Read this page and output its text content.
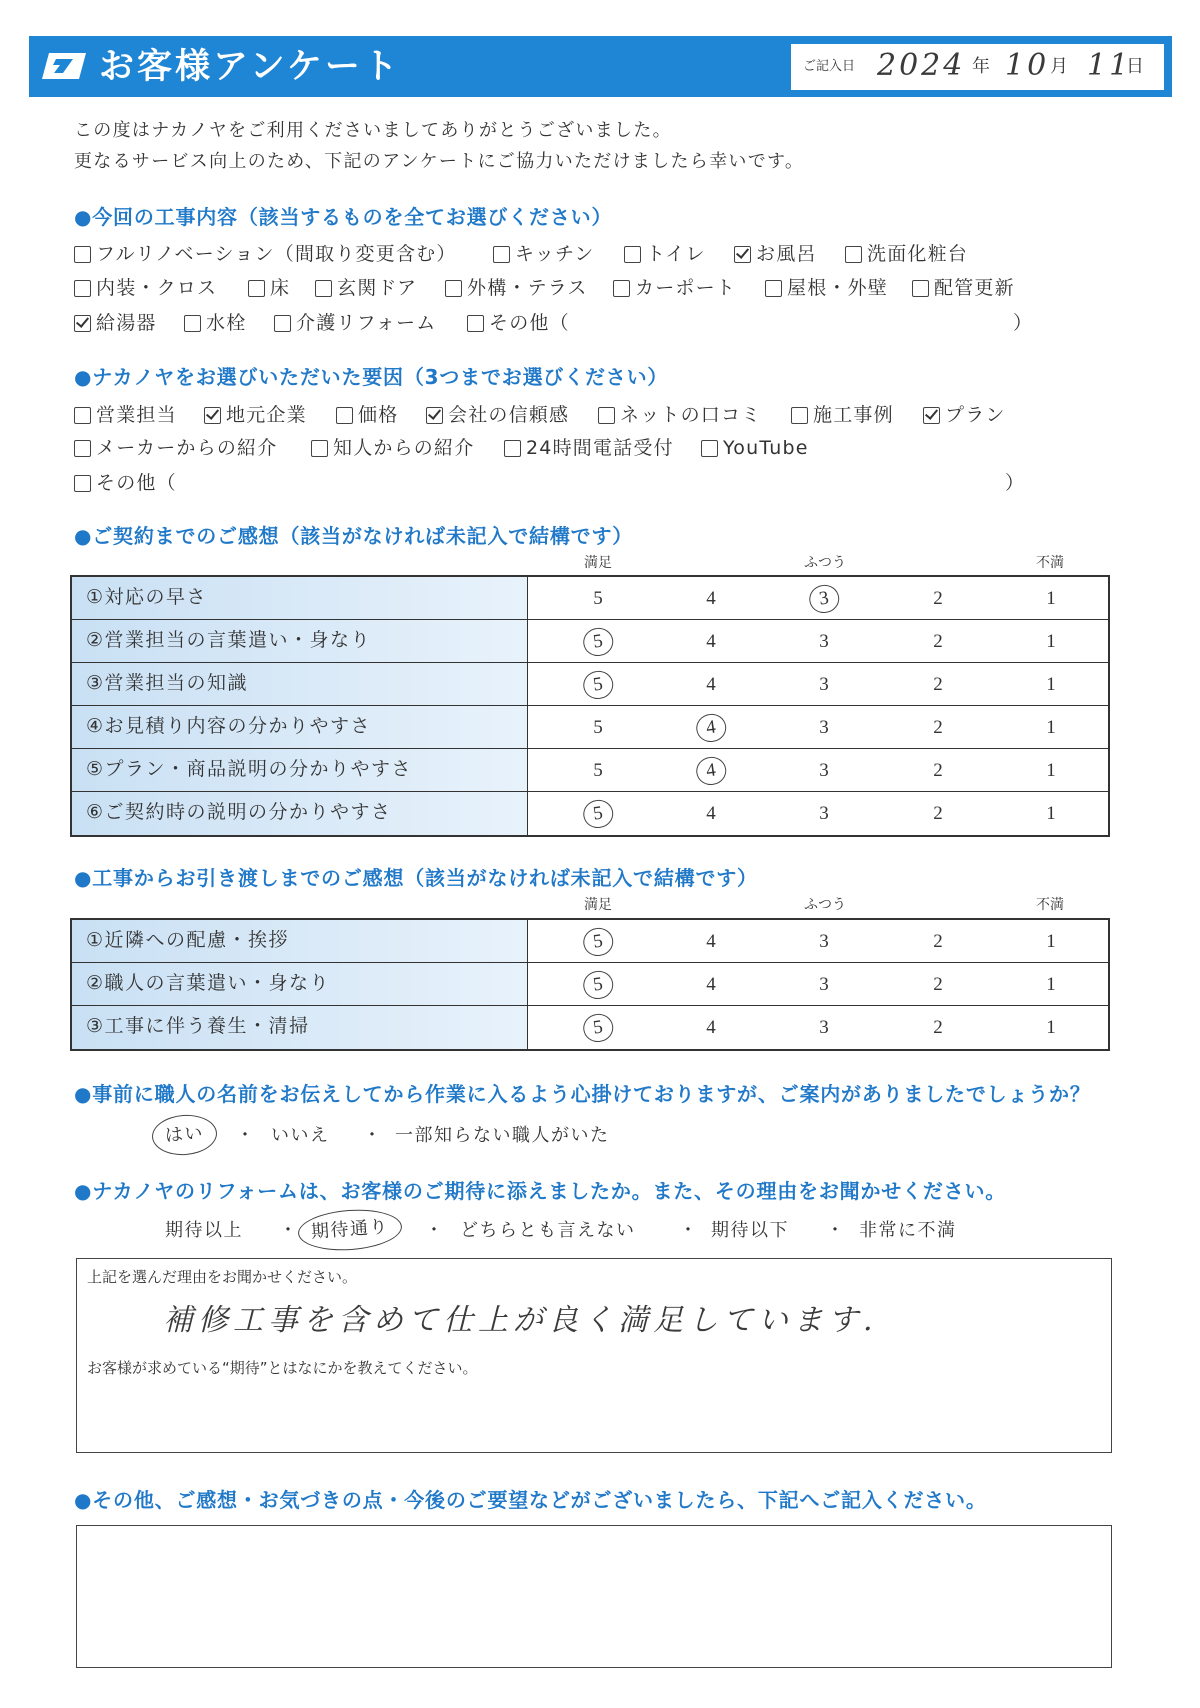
お客様アンケート	ご記入日 2024 年 10 月 11
日
この度はナカノヤをご利用くださいましてありがとうございました。
更なるサービス向上のため、下記のアンケートにご協力いただけましたら幸いです。
●今回の工事内容（該当するものを全てお選びください）
●ナカノヤをお選びいただいた要因（3つまでお選びください）
●ご契約までのご感想（該当がなければ未記入で結構です）
●工事からお引き渡しまでのご感想（該当がなければ未記入で結構です）
●事前に職人の名前をお伝えしてから作業に入るよう心掛けておりますが、ご案内がありましたでしょうか？
●ナカノヤのリフォームは、お客様のご期待に添えましたか。また、その理由をお聞かせください。
●その他、ご感想・お気づきの点・今後のご要望などがございましたら、下記へご記入ください。
満足	ふつう	不満
①対応の早さ	5	4	3	2	1
②営業担当の言葉遣い・身なり	5	4	3	2	1
③営業担当の知識	5	4	3	2	1
④お見積り内容の分かりやすさ	5	4	3	2	1
⑤プラン・商品説明の分かりやすさ	5	4	3	2	1
⑥ご契約時の説明の分かりやすさ	5	4	3	2	1
満足	ふつう	不満
①近隣への配慮・挨拶	5	4	3	2	1
②職人の言葉遣い・身なり	5	4	3	2	1
③工事に伴う養生・清掃	5	4	3	2	1
上記を選んだ理由をお聞かせください。
補修工事を含めて仕上が良く満足しています.
お客様が求めている“期待”とはなにかを教えてください。
フルリノベーション（間取り変更含む）	キッチン	トイレ	お風呂	洗面化粧台
内装・クロス	床 玄関ドア	外構・テラス カーポート	屋根・外壁 配管更新
給湯器	水栓	介護リフォーム	その他（	）
営業担当	地元企業	価格	会社の信頼感	ネットの口コミ	施工事例	プラン
メーカーからの紹介	知人からの紹介	24時間電話受付	YouTube
その他（	）
はい	いいえ	一部知らない職人がいた
・	・
期待以上	期待通り	どちらとも言えない	期待以下	非常に不満
・	・	・	・
